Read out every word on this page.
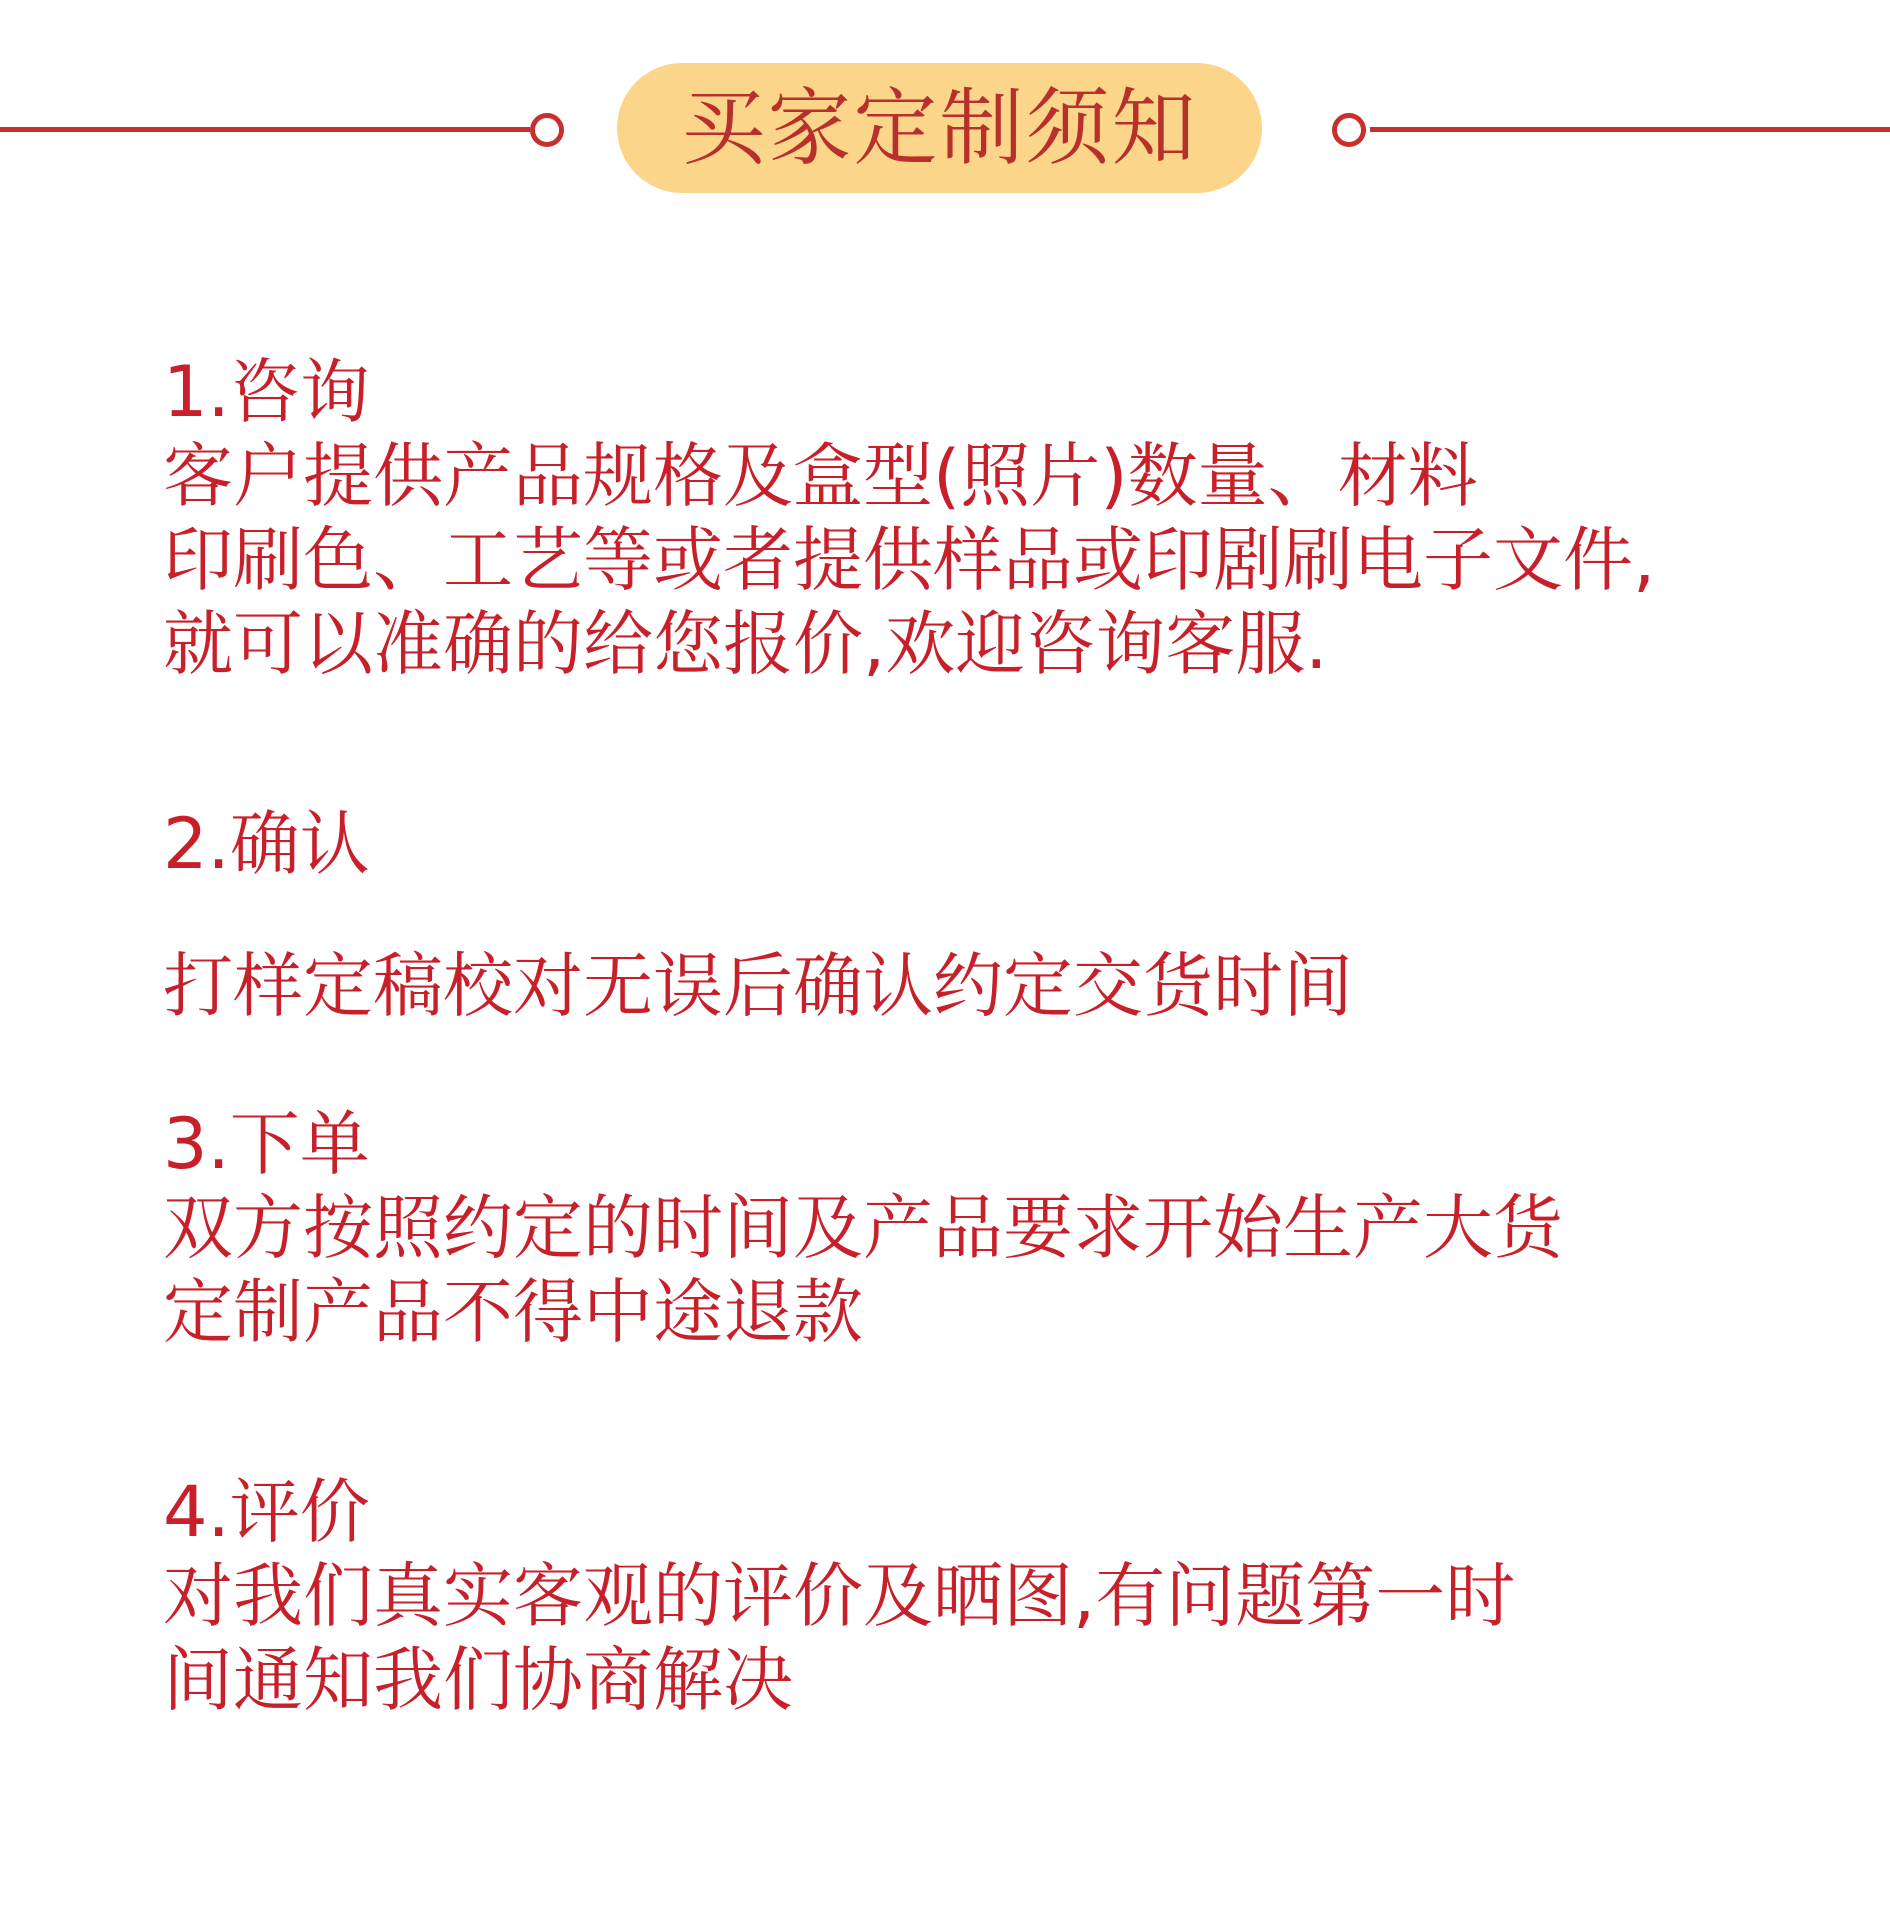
买家定制须知

1.咨询

客户提供产品规格及盒型(照片)数量、材料

印刷色、工艺等或者提供样品或印剧刷电子文件,

就可以准确的给您报价,欢迎咨询客服.

2.确认

打样定稿校对无误后确认约定交货时间

3.下单

双方按照约定的时间及产品要求开始生产大货

定制产品不得中途退款

4.评价

对我们真实客观的评价及晒图,有问题第一时

间通知我们协商解决
